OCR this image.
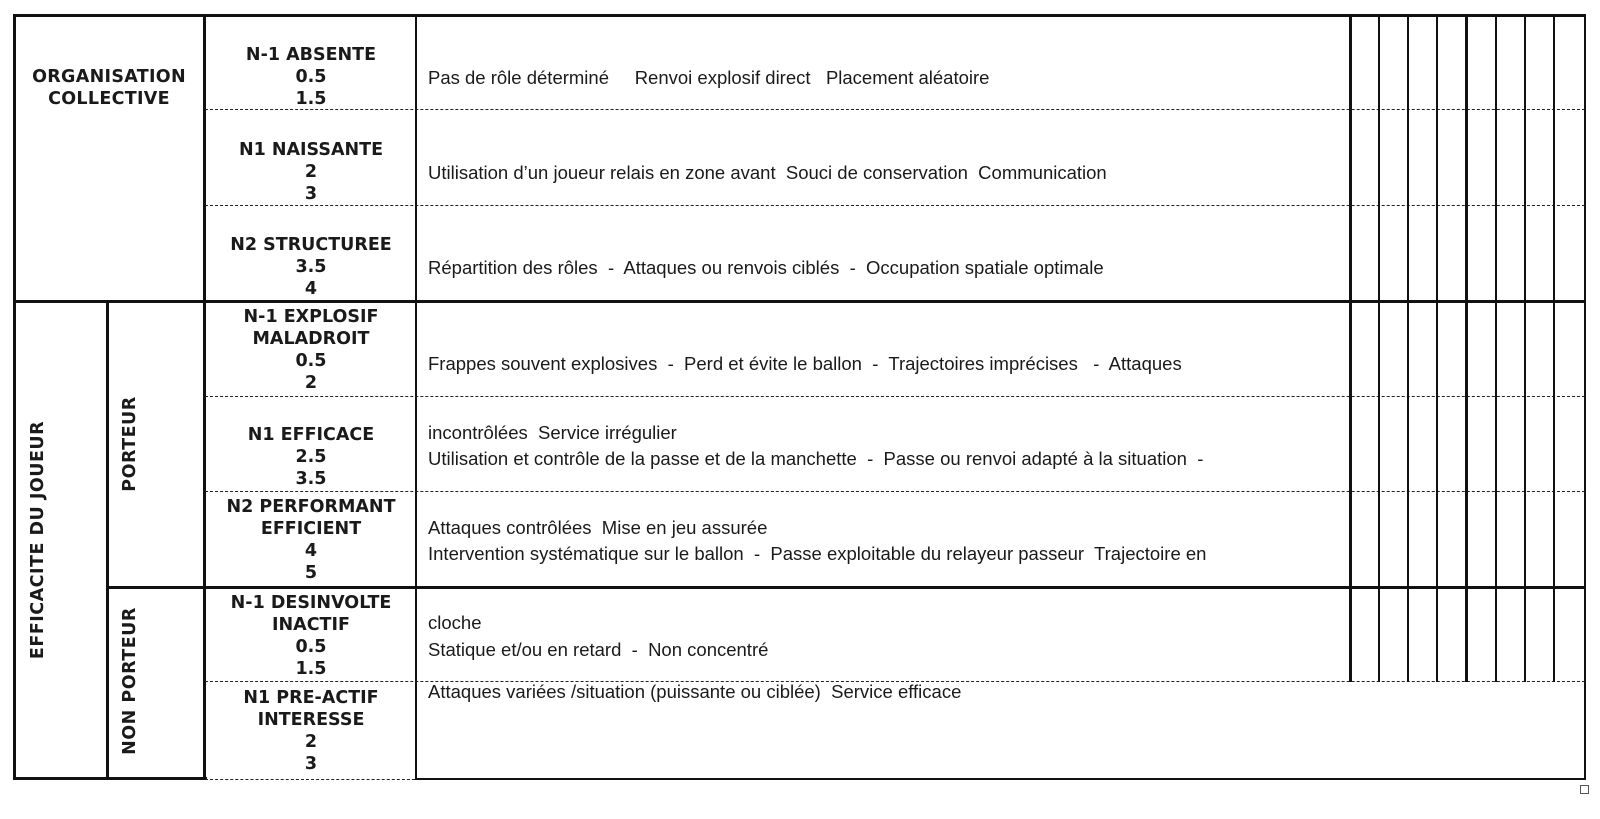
ORGANISATION
COLLECTIVE
EFFICACITE DU JOUEUR	PORTEUR
NON PORTEUR
N-1 ABSENTE
0.5
1.5
N1 NAISSANTE
2
3
N2 STRUCTUREE
3.5
4
N-1 EXPLOSIF
MALADROIT
0.5
2
N1 EFFICACE
2.5
3.5
N2 PERFORMANT
EFFICIENT
4
5
N-1 DESINVOLTE
INACTIF
0.5
1.5
N1 PRE-ACTIF
INTERESSE
2
3

Pas de rôle déterminé     Renvoi explosif direct   Placement aléatoire

Utilisation d’un joueur relais en zone avant  Souci de conservation  Communication

Répartition des rôles  -  Attaques ou renvois ciblés  -  Occupation spatiale optimale

Frappes souvent explosives  -  Perd et évite le ballon  -  Trajectoires imprécises   -  Attaques

incontrôlées  Service irrégulier

Utilisation et contrôle de la passe et de la manchette  -  Passe ou renvoi adapté à la situation  -

Attaques contrôlées  Mise en jeu assurée

Intervention systématique sur le ballon  -  Passe exploitable du relayeur passeur  Trajectoire en

cloche

Attaques variées /situation (puissante ou ciblée)  Service efficace

Statique et/ou en retard  -  Non concentré
